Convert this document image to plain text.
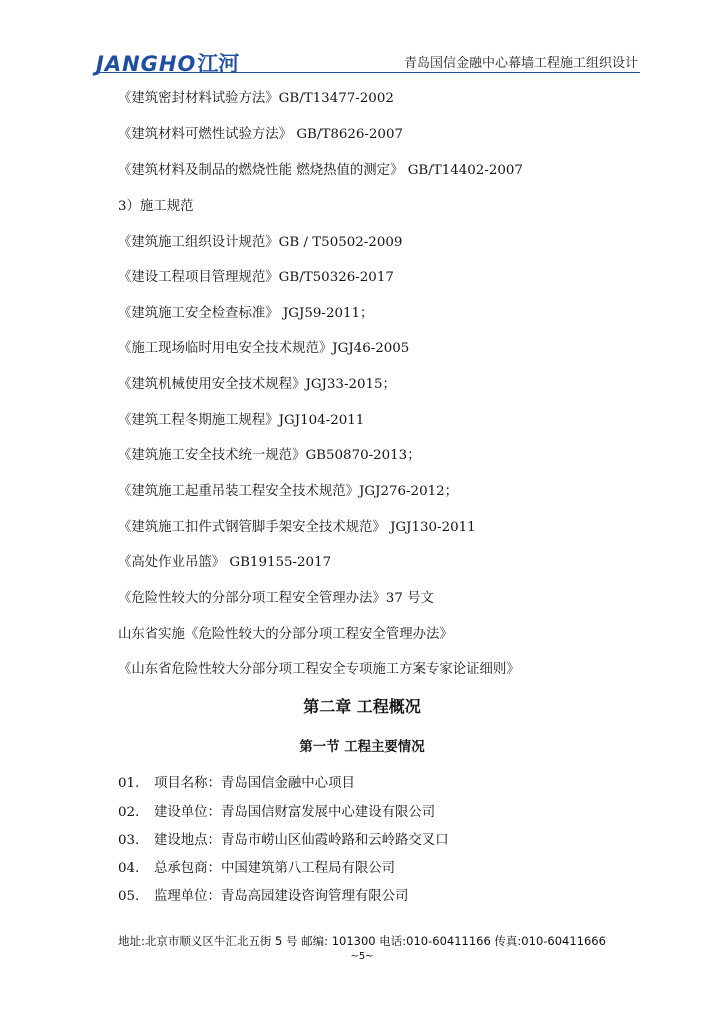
JANGHO江河	青岛国信金融中心幕墙工程施工组织设计
《建筑密封材料试验方法》GB/T13477-2002
《建筑材料可燃性试验方法》 GB/T8626-2007
《建筑材料及制品的燃烧性能 燃烧热值的测定》 GB/T14402-2007
3）施工规范
《建筑施工组织设计规范》GB / T50502-2009
《建设工程项目管理规范》GB/T50326-2017
《建筑施工安全检查标准》 JGJ59-2011；
《施工现场临时用电安全技术规范》JGJ46-2005
《建筑机械使用安全技术规程》JGJ33-2015；
《建筑工程冬期施工规程》JGJ104-2011
《建筑施工安全技术统一规范》GB50870-2013；
《建筑施工起重吊装工程安全技术规范》JGJ276-2012；
《建筑施工扣件式钢管脚手架安全技术规范》 JGJ130-2011
《高处作业吊篮》 GB19155-2017
《危险性较大的分部分项工程安全管理办法》37 号文
山东省实施《危险性较大的分部分项工程安全管理办法》
《山东省危险性较大分部分项工程安全专项施工方案专家论证细则》
第二章 工程概况
第一节 工程主要情况
01. 项目名称：青岛国信金融中心项目
02. 建设单位：青岛国信财富发展中心建设有限公司
03. 建设地点：青岛市崂山区仙霞岭路和云岭路交叉口
04. 总承包商：中国建筑第八工程局有限公司
05. 监理单位：青岛高园建设咨询管理有限公司
地址:北京市顺义区牛汇北五街 5 号 邮编: 101300 电话:010-60411166 传真:010-60411666
~5~
